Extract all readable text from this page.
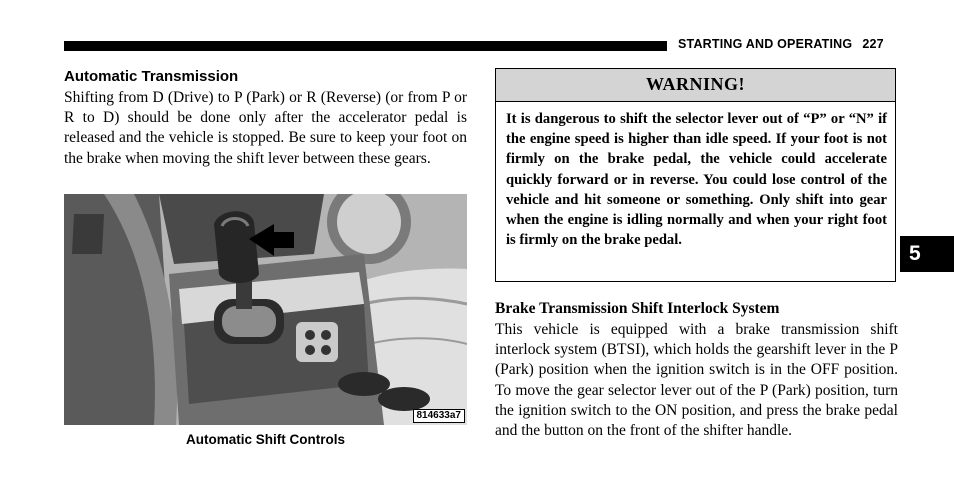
STARTING AND OPERATING 227
Automatic Transmission
Shifting from D (Drive) to P (Park) or R (Reverse) (or from P or R to D) should be done only after the accelerator pedal is released and the vehicle is stopped. Be sure to keep your foot on the brake when moving the shift lever between these gears.
814633a7
Automatic Shift Controls
WARNING!
It is dangerous to shift the selector lever out of “P” or “N” if the engine speed is higher than idle speed. If your foot is not firmly on the brake pedal, the vehicle could accelerate quickly forward or in reverse. You could lose control of the vehicle and hit someone or something. Only shift into gear when the engine is idling normally and when your right foot is firmly on the brake pedal.
Brake Transmission Shift Interlock System
This vehicle is equipped with a brake transmission shift interlock system (BTSI), which holds the gearshift lever in the P (Park) position when the ignition switch is in the OFF position. To move the gear selector lever out of the P (Park) position, turn the ignition switch to the ON position, and press the brake pedal and the button on the front of the shifter handle.
5
